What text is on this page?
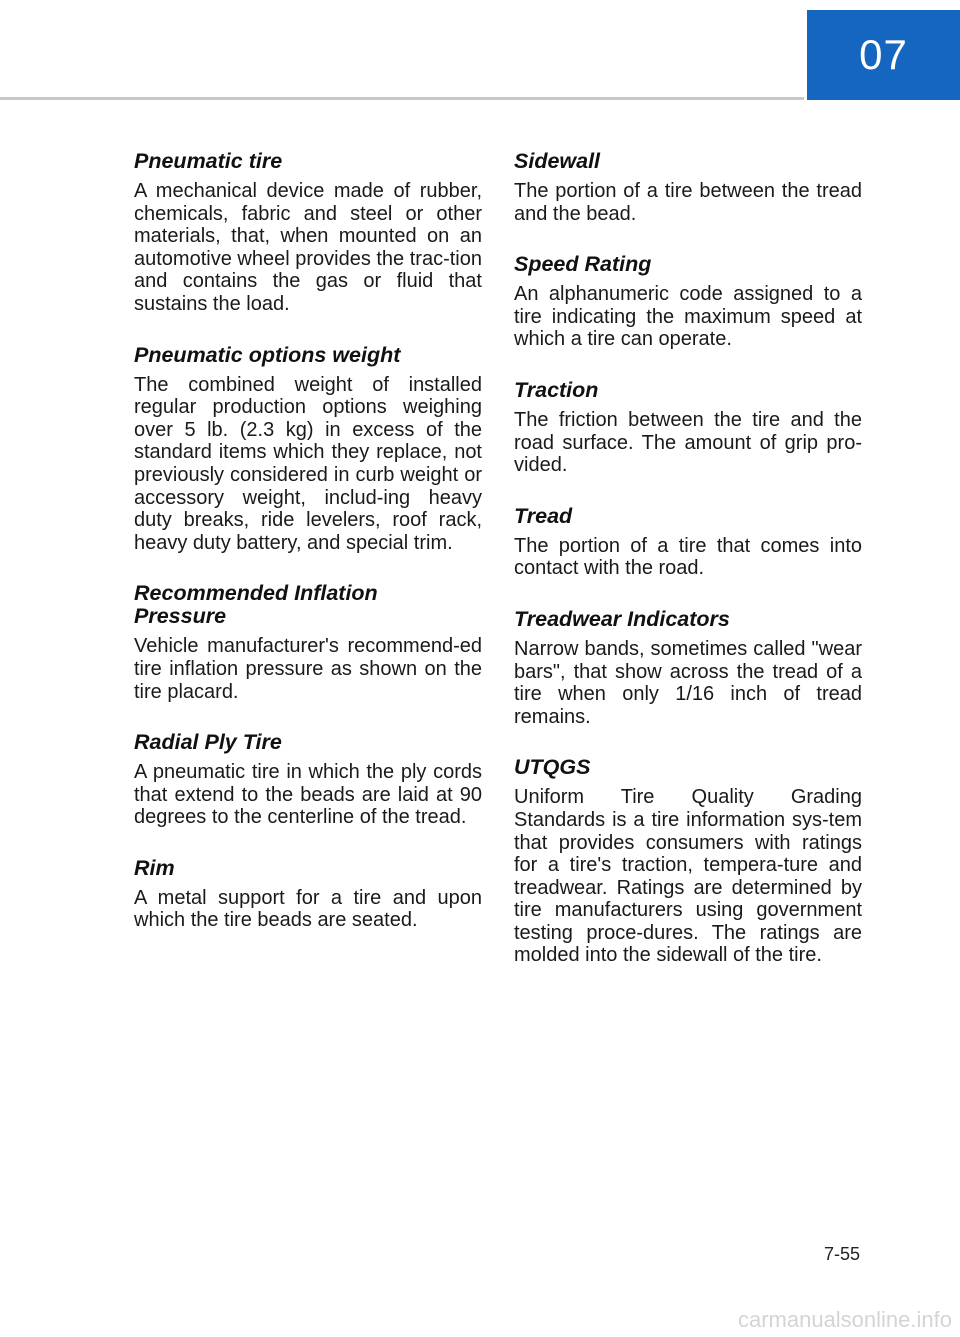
07
Pneumatic tire

A mechanical device made of rubber, chemicals, fabric and steel or other materials, that, when mounted on an automotive wheel provides the trac-tion and contains the gas or fluid that sustains the load.

Pneumatic options weight

The combined weight of installed regular production options weighing over 5 lb. (2.3 kg) in excess of the standard items which they replace, not previously considered in curb weight or accessory weight, includ-ing heavy duty breaks, ride levelers, roof rack, heavy duty battery, and special trim.

Recommended Inflation Pressure

Vehicle manufacturer's recommend-ed tire inflation pressure as shown on the tire placard.

Radial Ply Tire

A pneumatic tire in which the ply cords that extend to the beads are laid at 90 degrees to the centerline of the tread.

Rim

A metal support for a tire and upon which the tire beads are seated.

Sidewall

The portion of a tire between the tread and the bead.

Speed Rating

An alphanumeric code assigned to a tire indicating the maximum speed at which a tire can operate.

Traction

The friction between the tire and the road surface. The amount of grip pro-vided.

Tread

The portion of a tire that comes into contact with the road.

Treadwear Indicators

Narrow bands, sometimes called "wear bars", that show across the tread of a tire when only 1/16 inch of tread remains.

UTQGS

Uniform Tire Quality Grading Standards is a tire information sys-tem that provides consumers with ratings for a tire's traction, tempera-ture and treadwear. Ratings are determined by tire manufacturers using government testing proce-dures. The ratings are molded into the sidewall of the tire.

7-55
carmanualsonline.info
